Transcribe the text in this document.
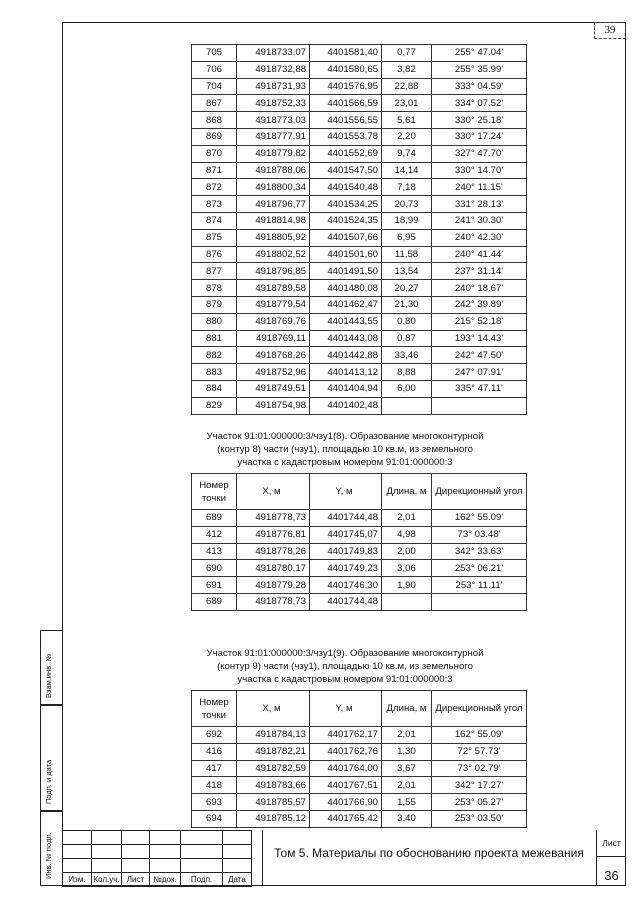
39
705	4918733,07	4401581,40	0,77	255° 47.04'
706	4918732,88	4401580,65	3,82	255° 35.99'
704	4918731,93	4401576,95	22,88	333° 04.59'
867	4918752,33	4401566,59	23,01	334° 07.52'
868	4918773,03	4401556,55	5,61	330° 25.18'
869	4918777,91	4401553,78	2,20	330° 17.24'
870	4918779,82	4401552,69	9,74	327° 47.70'
871	4918788,06	4401547,50	14,14	330° 14.70'
872	4918800,34	4401540,48	7,18	240° 11.15'
873	4918796,77	4401534,25	20,73	331° 28.13'
874	4918814,98	4401524,35	18,99	241° 30.30'
875	4918805,92	4401507,66	6,95	240° 42.30'
876	4918802,52	4401501,60	11,58	240° 41.44'
877	4918796,85	4401491,50	13,54	237° 31.14'
878	4918789,58	4401480,08	20,27	240° 18.67'
879	4918779,54	4401462,47	21,30	242° 39.89'
880	4918769,76	4401443,55	0,80	215° 52.18'
881	4918769,11	4401443,08	0,87	193° 14.43'
882	4918768,26	4401442,88	33,46	242° 47.50'
883	4918752,96	4401413,12	8,88	247° 07.91'
884	4918749,51	4401404,94	6,00	335° 47.11'
829	4918754,98	4401402,48		
Участок 91:01:000000:3/чзу1(8). Образование многоконтурной
(контур 8) части (чзу1), площадью 10 кв.м, из земельного
участка с кадастровым номером 91:01:000000:3
Номер точки	X, м	Y, м	Длина, м	Дирекционный угол
689	4918778,73	4401744,48	2,01	162° 55.09'
412	4918776,81	4401745,07	4,98	73° 03.48'
413	4918778,26	4401749,83	2,00	342° 33.63'
690	4918780,17	4401749,23	3,06	253° 06.21'
691	4918779,28	4401746,30	1,90	253° 11.11'
689	4918778,73	4401744,48		
Участок 91:01:000000:3/чзу1(9). Образование многоконтурной
(контур 9) части (чзу1), площадью 10 кв.м, из земельного
участка с кадастровым номером 91:01:000000:3
Номер точки	X, м	Y, м	Длина, м	Дирекционный угол
692	4918784,13	4401762,17	2,01	162° 55.09'
416	4918782,21	4401762,76	1,30	72° 57.73'
417	4918782,59	4401764,00	3,67	73° 02.79'
418	4918783,66	4401767,51	2,01	342° 17.27'
693	4918785,57	4401766,90	1,55	253° 05.27'
694	4918785,12	4401765,42	3,40	253° 03.50'
Взам.инв. №
Подп. и дата
Инв. № подл.

Изм.	Кол.уч.	Лист	№док.	Подп.	Дата
Том 5. Материалы по обоснованию проекта межевания
Лист
36
